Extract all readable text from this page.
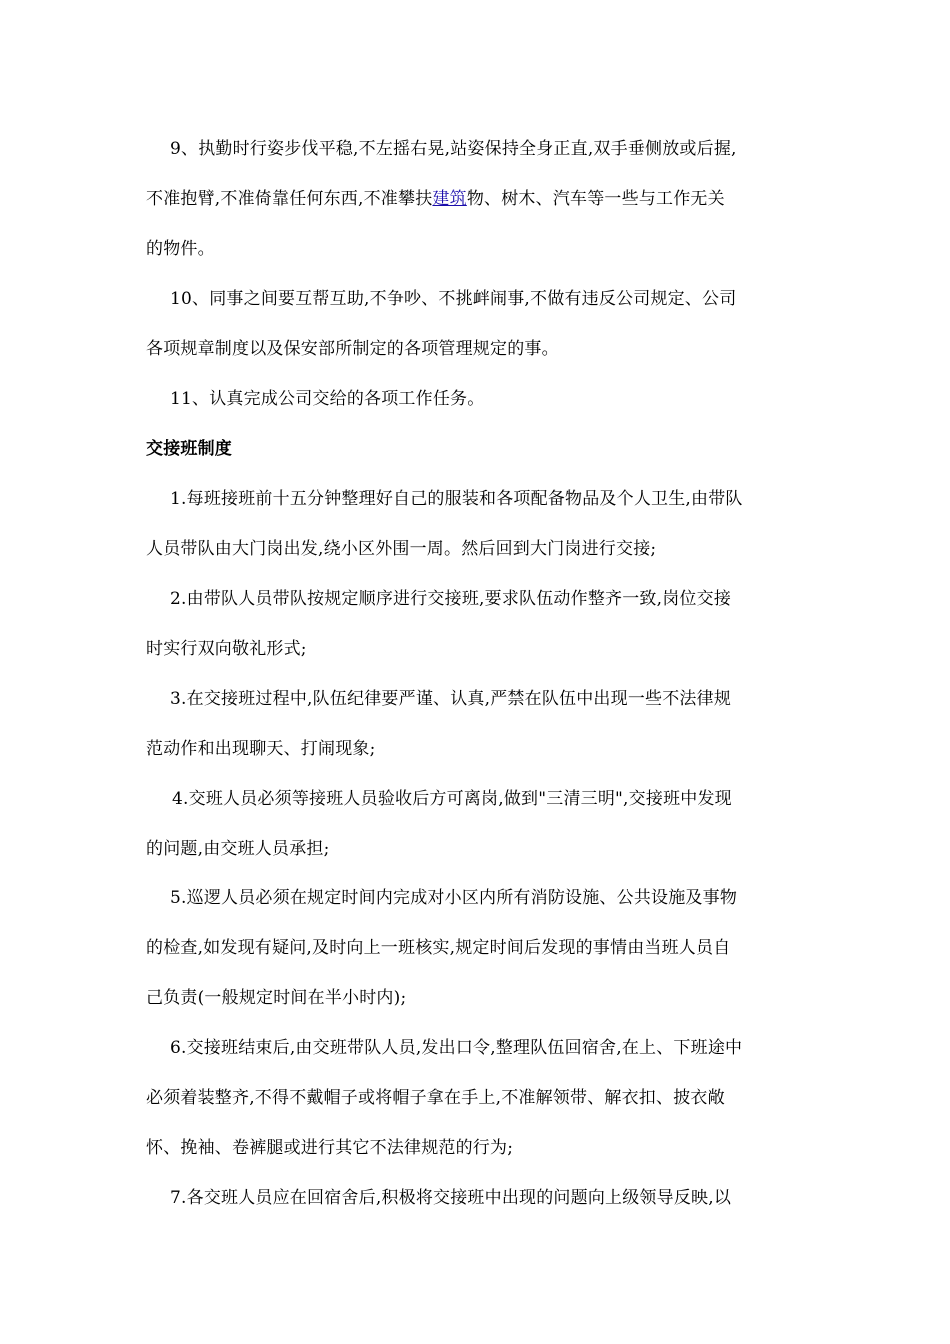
9、执勤时行姿步伐平稳,不左摇右晃,站姿保持全身正直,双手垂侧放或后握,
不准抱臂,不准倚靠任何东西,不准攀扶建筑物、树木、汽车等一些与工作无关
的物件。
10、同事之间要互帮互助,不争吵、不挑衅闹事,不做有违反公司规定、公司
各项规章制度以及保安部所制定的各项管理规定的事。
11、认真完成公司交给的各项工作任务。
交接班制度
1.每班接班前十五分钟整理好自己的服装和各项配备物品及个人卫生,由带队
人员带队由大门岗出发,绕小区外围一周。然后回到大门岗进行交接;
2.由带队人员带队按规定顺序进行交接班,要求队伍动作整齐一致,岗位交接
时实行双向敬礼形式;
3.在交接班过程中,队伍纪律要严谨、认真,严禁在队伍中出现一些不法律规
范动作和出现聊天、打闹现象;
4.交班人员必须等接班人员验收后方可离岗,做到"三清三明",交接班中发现
的问题,由交班人员承担;
5.巡逻人员必须在规定时间内完成对小区内所有消防设施、公共设施及事物
的检查,如发现有疑问,及时向上一班核实,规定时间后发现的事情由当班人员自
己负责(一般规定时间在半小时内);
6.交接班结束后,由交班带队人员,发出口令,整理队伍回宿舍,在上、下班途中
必须着装整齐,不得不戴帽子或将帽子拿在手上,不准解领带、解衣扣、披衣敞
怀、挽袖、卷裤腿或进行其它不法律规范的行为;
7.各交班人员应在回宿舍后,积极将交接班中出现的问题向上级领导反映,以
